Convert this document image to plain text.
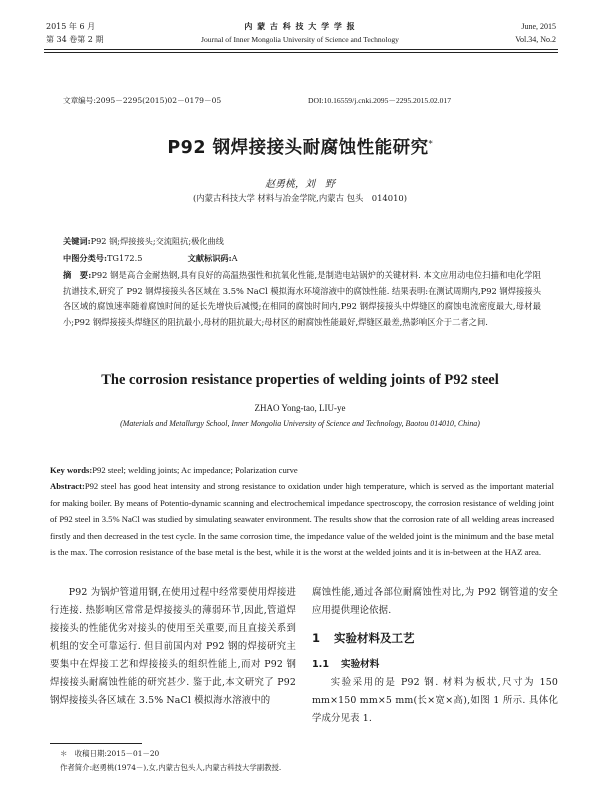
2015 年 6 月
第 34 卷第 2 期
内 蒙 古 科 技 大 学 学 报
Journal of Inner Mongolia University of Science and Technology
June, 2015
Vol.34, No.2
文章编号:2095－2295(2015)02－0179－05	DOI:10.16559/j.cnki.2095－2295.2015.02.017
P92 钢焊接接头耐腐蚀性能研究*
赵勇桃，刘　野
(内蒙古科技大学 材料与冶金学院,内蒙古 包头　014010)
关键词:P92 钢;焊接接头;交流阻抗;极化曲线
中图分类号:TG172.5	文献标识码:A
摘　要:P92 钢是高合金耐热钢,具有良好的高温热强性和抗氧化性能,是制造电站锅炉的关键材料. 本文应用动电位扫描和电化学阻抗谱技术,研究了 P92 钢焊接接头各区域在 3.5% NaCl 模拟海水环境溶液中的腐蚀性能. 结果表明:在测试周期内,P92 钢焊接接头各区域的腐蚀速率随着腐蚀时间的延长先增快后减慢;在相同的腐蚀时间内,P92 钢焊接接头中焊缝区的腐蚀电流密度最大,母材最小;P92 钢焊接接头焊缝区的阻抗最小,母材的阻抗最大;母材区的耐腐蚀性能最好,焊缝区最差,热影响区介于二者之间.
The corrosion resistance properties of welding joints of P92 steel
ZHAO Yong-tao, LIU-ye
(Materials and Metallurgy School, Inner Mongolia University of Science and Technology, Baotou 014010, China)
Key words:P92 steel; welding joints; Ac impedance; Polarization curve
Abstract:P92 steel has good heat intensity and strong resistance to oxidation under high temperature, which is served as the important material for making boiler. By means of Potentio-dynamic scanning and electrochemical impedance spectroscopy, the corrosion resistance of welding joint of P92 steel in 3.5% NaCl was studied by simulating seawater environment. The results show that the corrosion rate of all welding areas increased firstly and then decreased in the test cycle. In the same corrosion time, the impedance value of the welded joint is the minimum and the base metal is the max. The corrosion resistance of the base metal is the best, while it is the worst at the welded joints and it is in-between at the HAZ area.
P92 为锅炉管道用钢,在使用过程中经常要使用焊接进行连接. 热影响区常常是焊接接头的薄弱环节,因此,管道焊接接头的性能优劣对接头的使用至关重要,而且直接关系到机组的安全可靠运行. 但目前国内对 P92 钢的焊接研究主要集中在焊接工艺和焊接接头的组织性能上,而对 P92 钢焊接接头耐腐蚀性能的研究甚少. 鉴于此,本文研究了 P92 钢焊接接头各区域在 3.5% NaCl 模拟海水溶液中的
腐蚀性能,通过各部位耐腐蚀性对比,为 P92 钢管道的安全应用提供理论依据.
1 实验材料及工艺
1.1 实验材料
实验采用的是 P92 钢. 材料为板状,尺寸为 150 mm×150 mm×5 mm(长×宽×高),如图 1 所示. 具体化学成分见表 1.
＊　收稿日期:2015－01－20
作者简介:赵勇桃(1974－),女,内蒙古包头人,内蒙古科技大学副教授.
